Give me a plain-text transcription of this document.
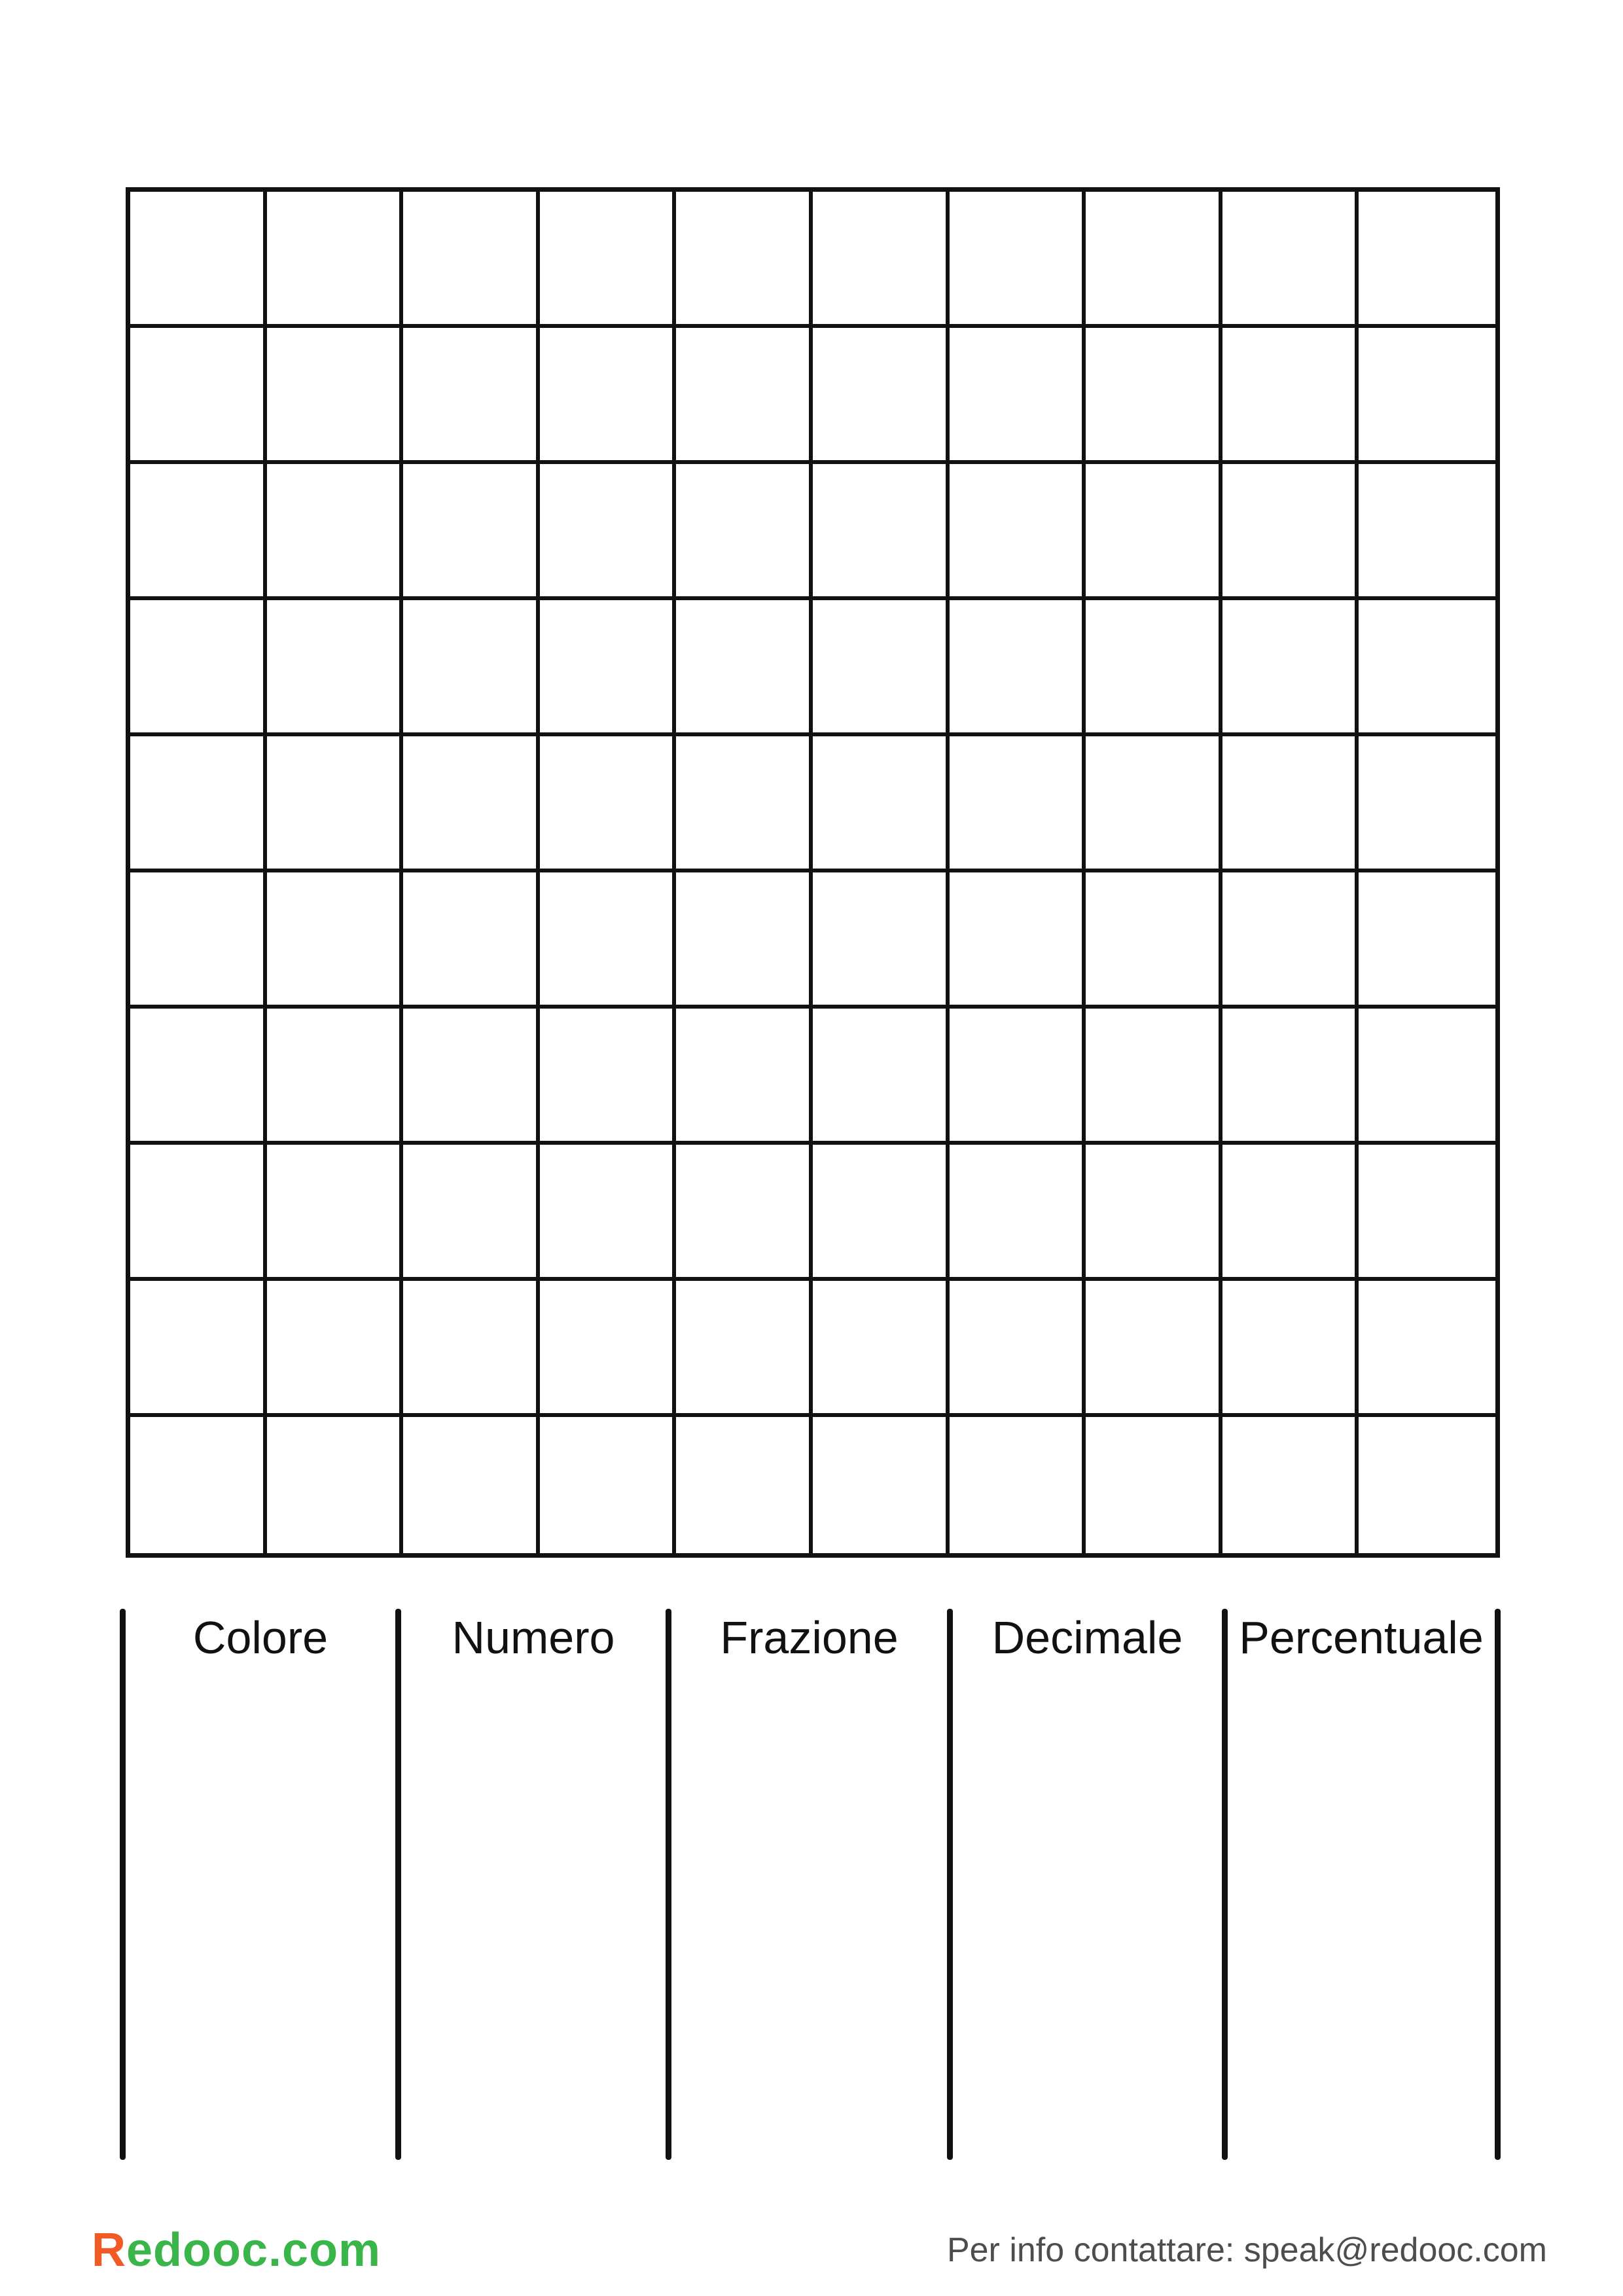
Colore	Numero	Frazione	Decimale	Percentuale
Redooc.com	Per info contattare: speak@redooc.com
